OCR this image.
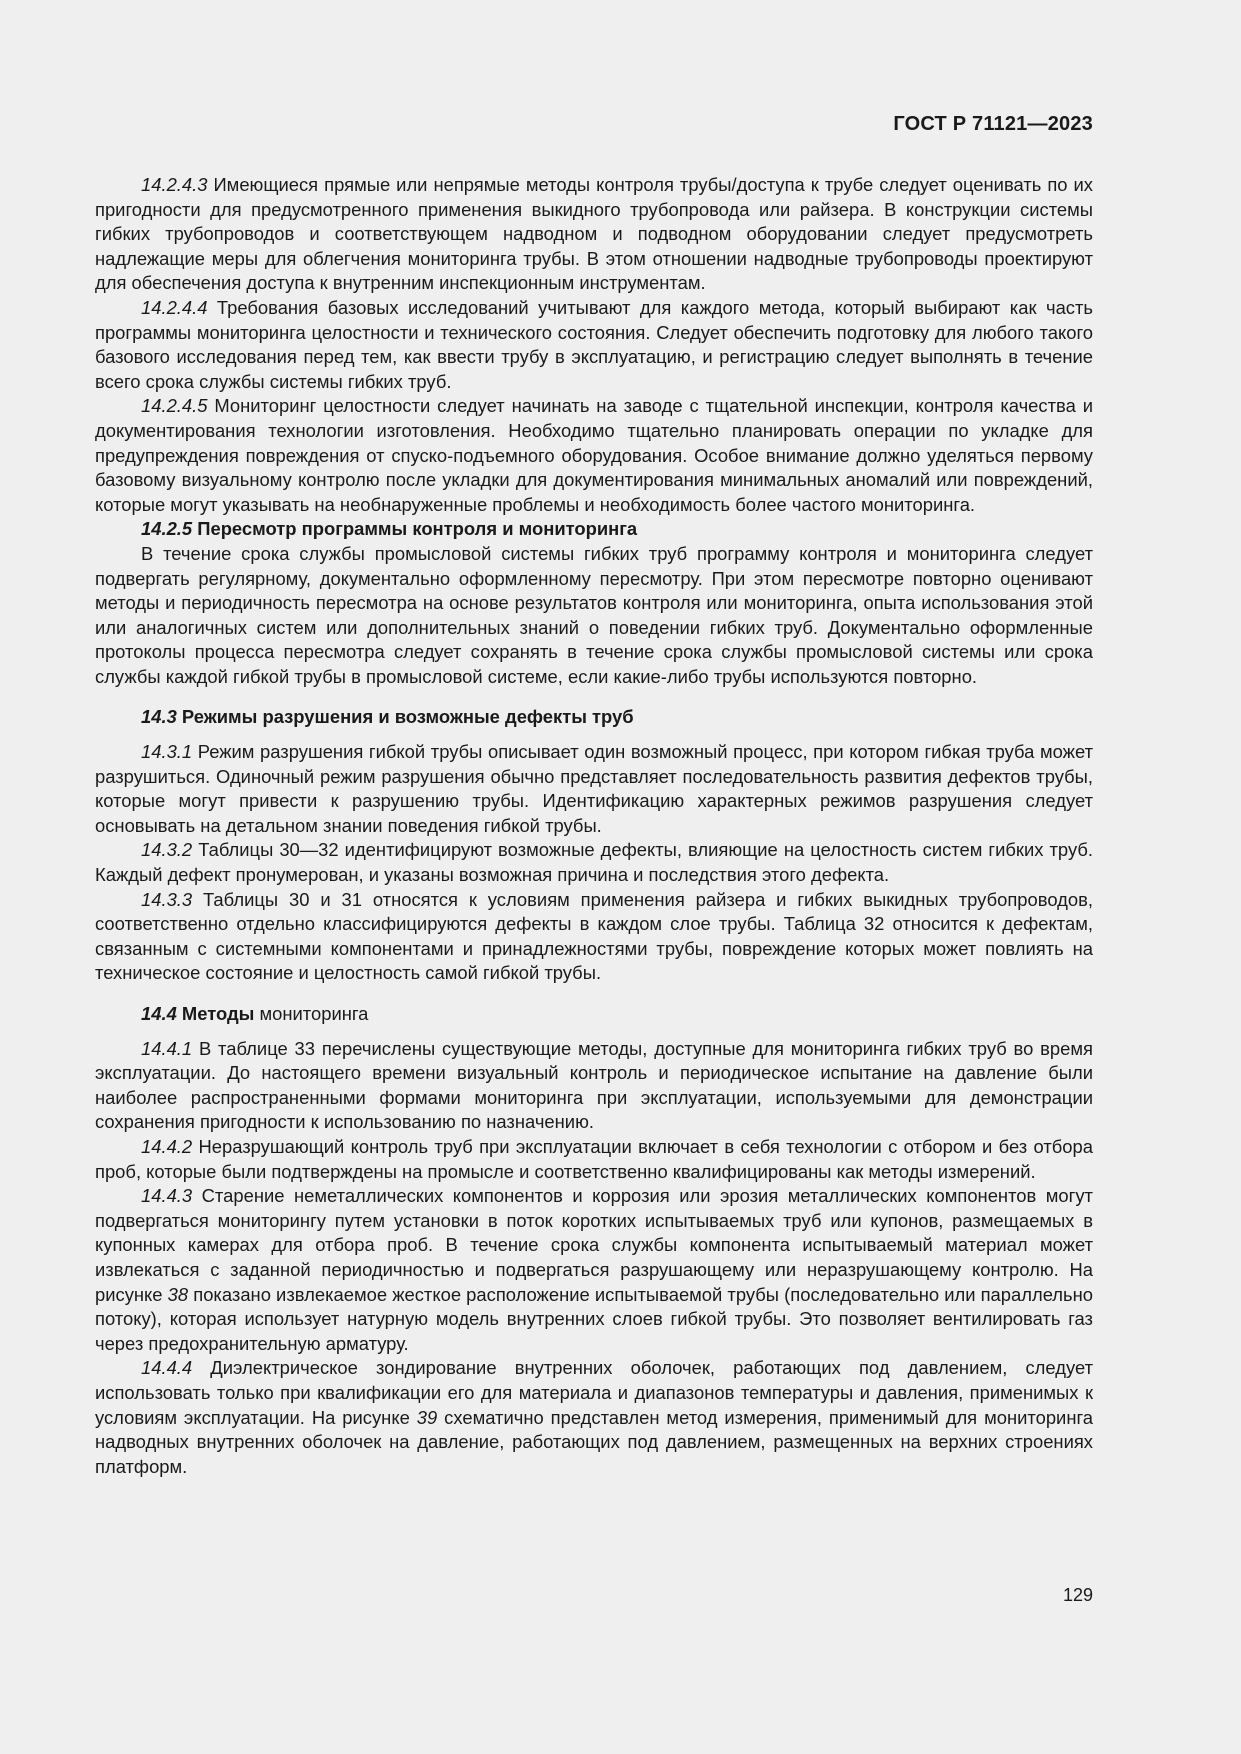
ГОСТ Р 71121—2023

14.2.4.3 Имеющиеся прямые или непрямые методы контроля трубы/доступа к трубе следует оценивать по их пригодности для предусмотренного применения выкидного трубопровода или райзера. В конструкции системы гибких трубопроводов и соответствующем надводном и подводном оборудовании следует предусмотреть надлежащие меры для облегчения мониторинга трубы. В этом отношении надводные трубопроводы проектируют для обеспечения доступа к внутренним инспекционным инструментам.

14.2.4.4 Требования базовых исследований учитывают для каждого метода, который выбирают как часть программы мониторинга целостности и технического состояния. Следует обеспечить подготовку для любого такого базового исследования перед тем, как ввести трубу в эксплуатацию, и регистрацию следует выполнять в течение всего срока службы системы гибких труб.

14.2.4.5 Мониторинг целостности следует начинать на заводе с тщательной инспекции, контроля качества и документирования технологии изготовления. Необходимо тщательно планировать операции по укладке для предупреждения повреждения от спуско-подъемного оборудования. Особое внимание должно уделяться первому базовому визуальному контролю после укладки для документирования минимальных аномалий или повреждений, которые могут указывать на необнаруженные проблемы и необходимость более частого мониторинга.

14.2.5 Пересмотр программы контроля и мониторинга

В течение срока службы промысловой системы гибких труб программу контроля и мониторинга следует подвергать регулярному, документально оформленному пересмотру. При этом пересмотре повторно оценивают методы и периодичность пересмотра на основе результатов контроля или мониторинга, опыта использования этой или аналогичных систем или дополнительных знаний о поведении гибких труб. Документально оформленные протоколы процесса пересмотра следует сохранять в течение срока службы промысловой системы или срока службы каждой гибкой трубы в промысловой системе, если какие-либо трубы используются повторно.

14.3 Режимы разрушения и возможные дефекты труб

14.3.1 Режим разрушения гибкой трубы описывает один возможный процесс, при котором гибкая труба может разрушиться. Одиночный режим разрушения обычно представляет последовательность развития дефектов трубы, которые могут привести к разрушению трубы. Идентификацию характерных режимов разрушения следует основывать на детальном знании поведения гибкой трубы.

14.3.2 Таблицы 30—32 идентифицируют возможные дефекты, влияющие на целостность систем гибких труб. Каждый дефект пронумерован, и указаны возможная причина и последствия этого дефекта.

14.3.3 Таблицы 30 и 31 относятся к условиям применения райзера и гибких выкидных трубопроводов, соответственно отдельно классифицируются дефекты в каждом слое трубы. Таблица 32 относится к дефектам, связанным с системными компонентами и принадлежностями трубы, повреждение которых может повлиять на техническое состояние и целостность самой гибкой трубы.

14.4 Методы мониторинга

14.4.1 В таблице 33 перечислены существующие методы, доступные для мониторинга гибких труб во время эксплуатации. До настоящего времени визуальный контроль и периодическое испытание на давление были наиболее распространенными формами мониторинга при эксплуатации, используемыми для демонстрации сохранения пригодности к использованию по назначению.

14.4.2 Неразрушающий контроль труб при эксплуатации включает в себя технологии с отбором и без отбора проб, которые были подтверждены на промысле и соответственно квалифицированы как методы измерений.

14.4.3 Старение неметаллических компонентов и коррозия или эрозия металлических компонентов могут подвергаться мониторингу путем установки в поток коротких испытываемых труб или купонов, размещаемых в купонных камерах для отбора проб. В течение срока службы компонента испытываемый материал может извлекаться с заданной периодичностью и подвергаться разрушающему или неразрушающему контролю. На рисунке 38 показано извлекаемое жесткое расположение испытываемой трубы (последовательно или параллельно потоку), которая использует натурную модель внутренних слоев гибкой трубы. Это позволяет вентилировать газ через предохранительную арматуру.

14.4.4 Диэлектрическое зондирование внутренних оболочек, работающих под давлением, следует использовать только при квалификации его для материала и диапазонов температуры и давления, применимых к условиям эксплуатации. На рисунке 39 схематично представлен метод измерения, применимый для мониторинга надводных внутренних оболочек на давление, работающих под давлением, размещенных на верхних строениях платформ.

129
